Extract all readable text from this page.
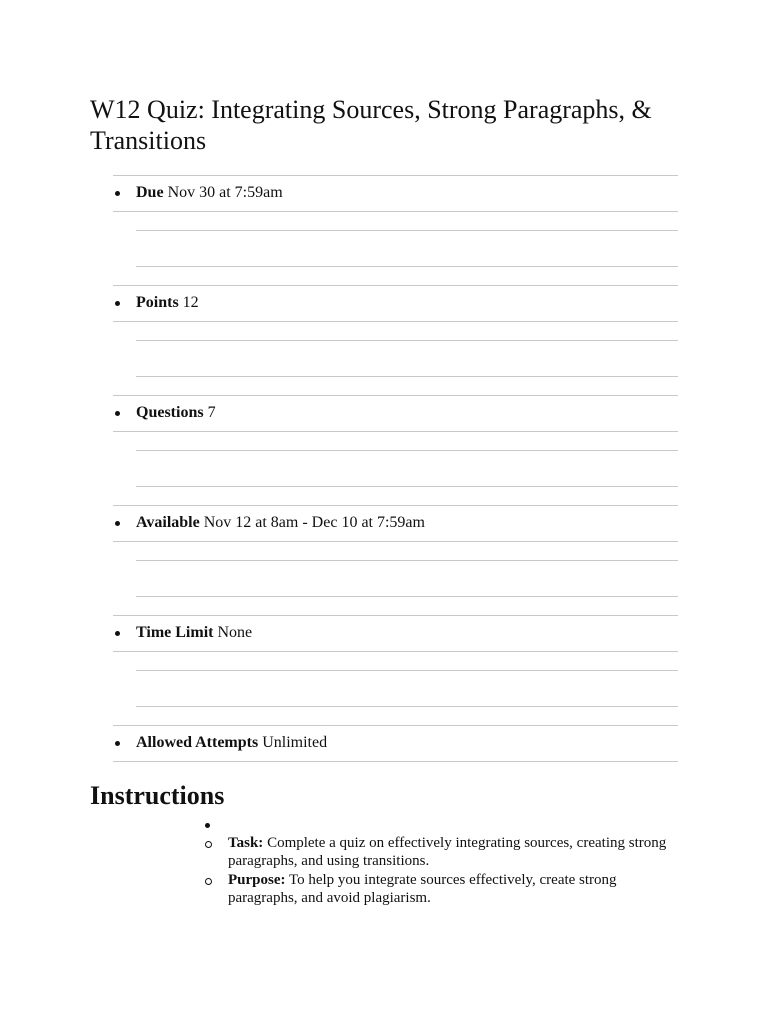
W12 Quiz: Integrating Sources, Strong Paragraphs, & Transitions
Due Nov 30 at 7:59am
Points 12
Questions 7
Available Nov 12 at 8am - Dec 10 at 7:59am
Time Limit None
Allowed Attempts Unlimited
Instructions
Task: Complete a quiz on effectively integrating sources, creating strong paragraphs, and using transitions.
Purpose: To help you integrate sources effectively, create strong paragraphs, and avoid plagiarism.
